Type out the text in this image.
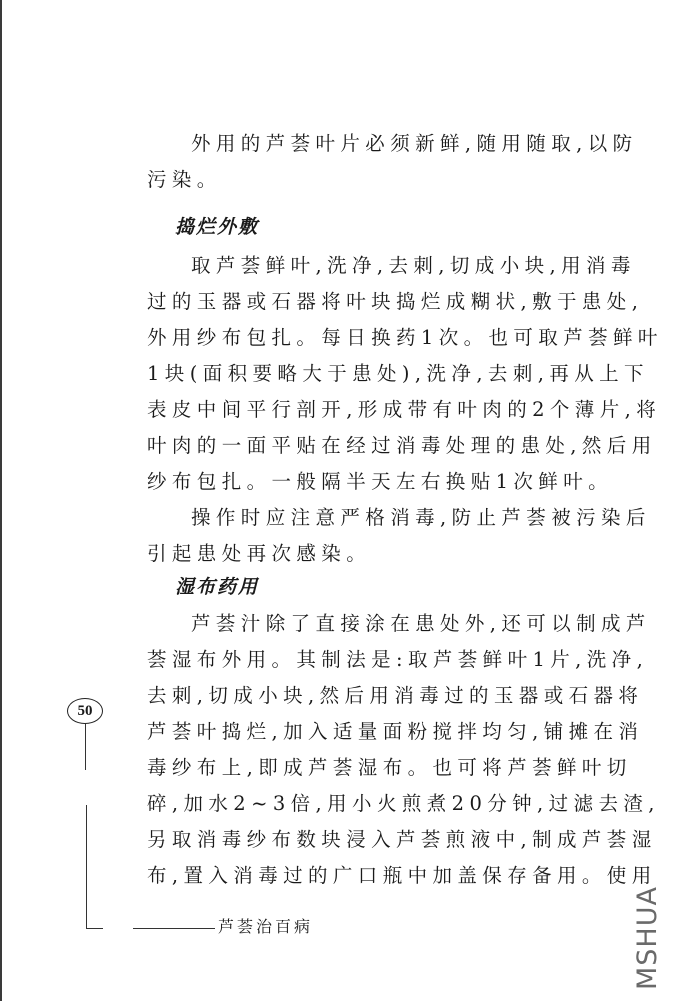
外用的芦荟叶片必须新鲜,随用随取,以防
污染。
捣烂外敷
取芦荟鲜叶,洗净,去刺,切成小块,用消毒
过的玉器或石器将叶块捣烂成糊状,敷于患处,
外用纱布包扎。每日换药1次。也可取芦荟鲜叶
1块(面积要略大于患处),洗净,去刺,再从上下
表皮中间平行剖开,形成带有叶肉的2个薄片,将
叶肉的一面平贴在经过消毒处理的患处,然后用
纱布包扎。一般隔半天左右换贴1次鲜叶。
操作时应注意严格消毒,防止芦荟被污染后
引起患处再次感染。
湿布药用
芦荟汁除了直接涂在患处外,还可以制成芦
荟湿布外用。其制法是:取芦荟鲜叶1片,洗净,
去刺,切成小块,然后用消毒过的玉器或石器将
芦荟叶捣烂,加入适量面粉搅拌均匀,铺摊在消
毒纱布上,即成芦荟湿布。也可将芦荟鲜叶切
碎,加水2~3倍,用小火煎煮20分钟,过滤去渣,
另取消毒纱布数块浸入芦荟煎液中,制成芦荟湿
布,置入消毒过的广口瓶中加盖保存备用。使用
50
芦荟治百病	MSHUA
